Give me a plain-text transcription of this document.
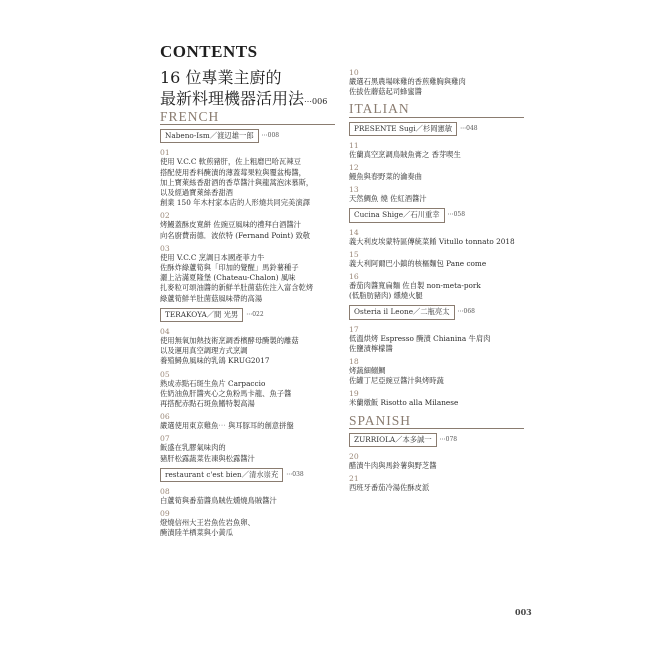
CONTENTS
16 位專業主廚的
最新料理機器活用法⋯006
FRENCH
Nabeno-Ism／渡辺雄一郎	⋯008
01
使用 V.C.C 軟煎豬肝，佐上粗磨巴哈瓦辣豆
搭配使用香料醃漬的薄蓋莓果粒與覆盆梅醬，
加上寶萊絲香甜酒的香草醬汁與龍蒿泡沫慕斯，
以及經過寶萊絲香甜酒
創業 150 年木村家本店的人形燒共同完美演譯
02
烤鰻蓋酥皮寬餅 佐豌豆風味的禮拜白酒醬汁
向名廚費南德．波依特 (Fernand Point) 致敬
03
使用 V.C.C 烹調日本國產菲力牛
佐酥炸綠蘆筍與「印加的覺醒」馬鈴薯種子
灑上沾滿夏隆堡 (Chateau-Chalon) 風味
扎麥粒可頌油醬的新鮮羊肚菌菇佐注入富含乾烤
綠蘆筍鮮羊肚菌菇風味帶的高湯
TERAKOYA／間 光男	⋯022
04
使用無氧加熱技術烹調香檳酵母醃製的離菇
以及運用真空調理方式烹調
養殖鱘魚風味的乳鴿 KRUG2017
05
熟成赤點石斑生魚片 Carpaccio
佐奶油魚肝醬夾心之魚粉馬卡龍、魚子醬
再搭配赤點石斑魚鰭特製高湯
06
嚴選使用東京雞魚⋯ 與耳豚耳的創意拼盤
07
飯盛在乳膠氣味肉的
豬肝松露蔬菜佐凍與松露醬汁
restaurant c'est bien／清水崇充	⋯038
08
白蘆筍與番茄醬鳥賊佐燻燒鳥賊醬汁
09
燈燒信州大王岩魚佐岩魚卵、
醃漬陸羊栖菜與小黃瓜
10
嚴選石黑農場咪雞的香煎雞胸與雞肉
佐拔佐蘑菇起司蜂蜜醬
ITALIAN
PRESENTE Sugi／杉岡憲敏	⋯048
11
佐蘭真空烹調鳥賊魚膏之 香芽喫生
12
鰻魚與春野菜的瀹奏曲
13
天然鯛魚 燒 佐紅酒醬汁
Cucina Shige／石川重幸	⋯058
14
義大利皮埃蒙特區傳統菜餚 Vitullo tonnato 2018
15
義大利阿爾巴小鎮的核樞麵包 Pane come
16
番茄肉醬寬扁麵 佐自製 non-meta-pork
(低脂肪豬肉) 燻燒火腿
Osteria il Leone／二瓶亮太	⋯068
17
低溫烘烤 Espresso 醃漬 Chianina 牛肩肉
佐鹽漬檸檬醬
18
烤蔬細鰯鯛
佐罐丁尼亞豌豆醬汁與烤時蔬
19
米蘭燉飯 Risotto alla Milanese
SPANISH
ZURRIOLA／本多誠一	⋯078
20
醋漬牛肉與馬鈴薯與野芝醬
21
西班牙番茄冷湯佐酥皮派
003
